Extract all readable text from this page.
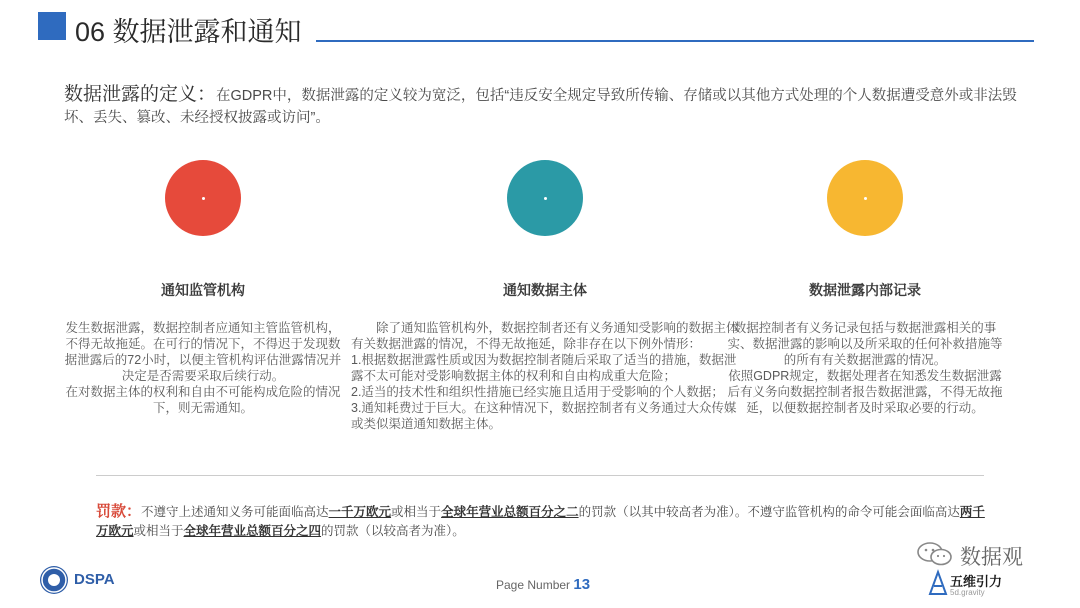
06 数据泄露和通知
数据泄露的定义：在GDPR中，数据泄露的定义较为宽泛，包括“违反安全规定导致所传输、存储或以其他方式处理的个人数据遭受意外或非法毁坏、丢失、篡改、未经授权披露或访问”。
通知监管机构
发生数据泄露，数据控制者应通知主管监管机构，不得无故拖延。在可行的情况下，不得迟于发现数据泄露后的72小时，以便主管机构评估泄露情况并决定是否需要采取后续行动。
在对数据主体的权利和自由不可能构成危险的情况下，则无需通知。
通知数据主体
除了通知监管机构外，数据控制者还有义务通知受影响的数据主体有关数据泄露的情况，不得无故拖延，除非存在以下例外情形：
1.根据数据泄露性质或因为数据控制者随后采取了适当的措施，数据泄露不太可能对受影响数据主体的权利和自由构成重大危险；
2.适当的技术性和组织性措施已经实施且适用于受影响的个人数据；
3.通知耗费过于巨大。在这种情况下，数据控制者有义务通过大众传媒或类似渠道通知数据主体。
数据泄露内部记录
数据控制者有义务记录包括与数据泄露相关的事实、数据泄露的影响以及所采取的任何补救措施等的所有有关数据泄露的情况。
依照GDPR规定，数据处理者在知悉发生数据泄露后有义务向数据控制者报告数据泄露，不得无故拖延，以便数据控制者及时采取必要的行动。
罚款：不遵守上述通知义务可能面临高达一千万欧元或相当于全球年营业总额百分之二的罚款（以其中较高者为准）。不遵守监管机构的命令可能会面临高达两千万欧元或相当于全球年营业总额百分之四的罚款（以较高者为准）。
DSPA	Page Number 13
数据观
五维引力
5d.gravity
